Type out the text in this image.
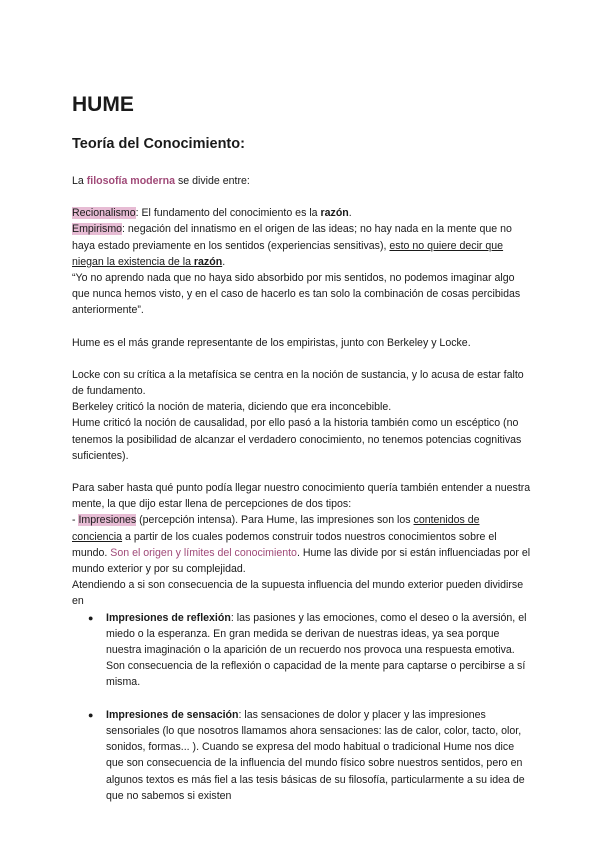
HUME
Teoría del Conocimiento:

La filosofía moderna se divide entre:

Recionalismo: El fundamento del conocimiento es la razón.

Empirismo: negación del innatismo en el origen de las ideas; no hay nada en la mente que no haya estado previamente en los sentidos (experiencias sensitivas), esto no quiere decir que niegan la existencia de la razón.

“Yo no aprendo nada que no haya sido absorbido por mis sentidos, no podemos imaginar algo que nunca hemos visto, y en el caso de hacerlo es tan solo la combinación de cosas percibidas anteriormente”.

Hume es el más grande representante de los empiristas, junto con Berkeley y Locke.

Locke con su crítica a la metafísica se centra en la noción de sustancia, y lo acusa de estar falto de fundamento.

Berkeley criticó la noción de materia, diciendo que era inconcebible.

Hume criticó la noción de causalidad, por ello pasó a la historia también como un escéptico (no tenemos la posibilidad de alcanzar el verdadero conocimiento, no tenemos potencias cognitivas suficientes).

Para saber hasta qué punto podía llegar nuestro conocimiento quería también entender a nuestra mente, la que dijo estar llena de percepciones de dos tipos:

- Impresiones (percepción intensa). Para Hume, las impresiones son los contenidos de conciencia a partir de los cuales podemos construir todos nuestros conocimientos sobre el mundo. Son el origen y límites del conocimiento. Hume las divide por si están influenciadas por el mundo exterior y por su complejidad.

Atendiendo a si son consecuencia de la supuesta influencia del mundo exterior pueden dividirse en

● Impresiones de reflexión: las pasiones y las emociones, como el deseo o la aversión, el miedo o la esperanza. En gran medida se derivan de nuestras ideas, ya sea porque nuestra imaginación o la aparición de un recuerdo nos provoca una respuesta emotiva. Son consecuencia de la reflexión o capacidad de la mente para captarse o percibirse a sí misma.
● Impresiones de sensación: las sensaciones de dolor y placer y las impresiones sensoriales (lo que nosotros llamamos ahora sensaciones: las de calor, color, tacto, olor, sonidos, formas... ). Cuando se expresa del modo habitual o tradicional Hume nos dice que son consecuencia de la influencia del mundo físico sobre nuestros sentidos, pero en algunos textos es más fiel a las tesis básicas de su filosofía, particularmente a su idea de que no sabemos si existen
